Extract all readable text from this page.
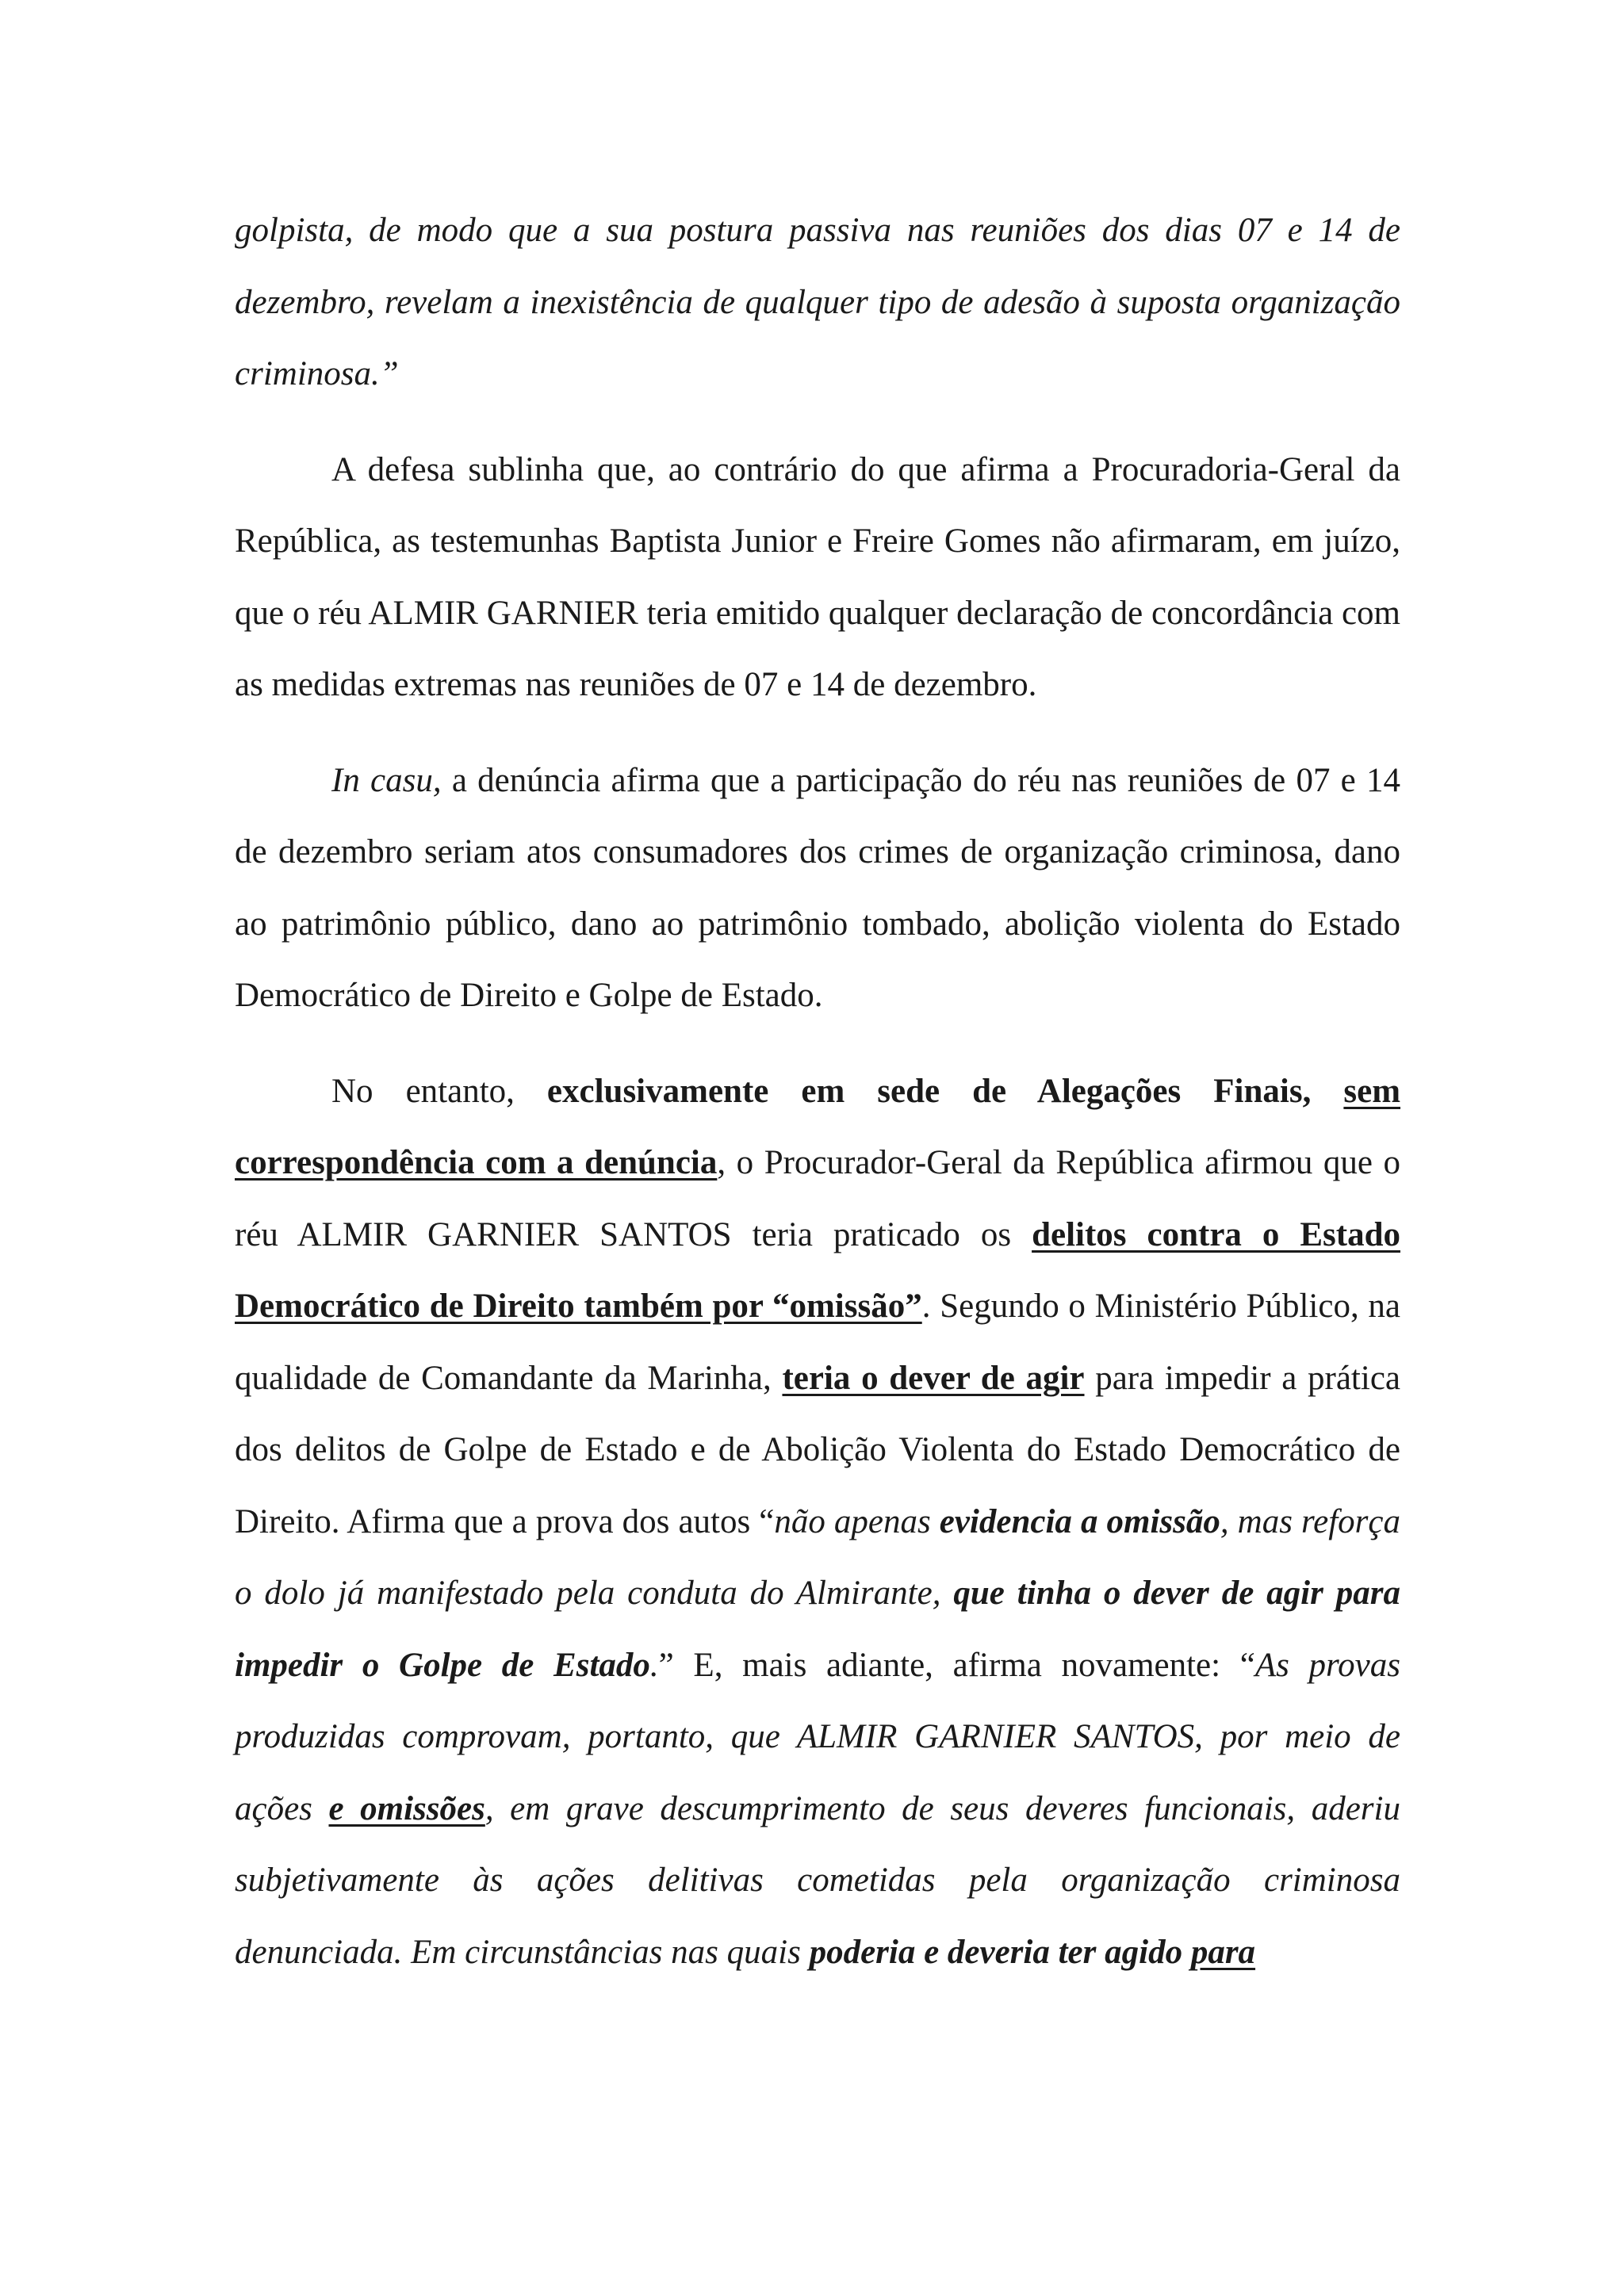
golpista, de modo que a sua postura passiva nas reuniões dos dias 07 e 14 de dezembro, revelam a inexistência de qualquer tipo de adesão à suposta organização criminosa.”

A defesa sublinha que, ao contrário do que afirma a Procuradoria-Geral da República, as testemunhas Baptista Junior e Freire Gomes não afirmaram, em juízo, que o réu ALMIR GARNIER teria emitido qualquer declaração de concordância com as medidas extremas nas reuniões de 07 e 14 de dezembro.

In casu, a denúncia afirma que a participação do réu nas reuniões de 07 e 14 de dezembro seriam atos consumadores dos crimes de organização criminosa, dano ao patrimônio público, dano ao patrimônio tombado, abolição violenta do Estado Democrático de Direito e Golpe de Estado.

No entanto, exclusivamente em sede de Alegações Finais, sem correspondência com a denúncia, o Procurador-Geral da República afirmou que o réu ALMIR GARNIER SANTOS teria praticado os delitos contra o Estado Democrático de Direito também por “omissão”. Segundo o Ministério Público, na qualidade de Comandante da Marinha, teria o dever de agir para impedir a prática dos delitos de Golpe de Estado e de Abolição Violenta do Estado Democrático de Direito. Afirma que a prova dos autos “não apenas evidencia a omissão, mas reforça o dolo já manifestado pela conduta do Almirante, que tinha o dever de agir para impedir o Golpe de Estado.” E, mais adiante, afirma novamente: “As provas produzidas comprovam, portanto, que ALMIR GARNIER SANTOS, por meio de ações e omissões, em grave descumprimento de seus deveres funcionais, aderiu subjetivamente às ações delitivas cometidas pela organização criminosa denunciada. Em circunstâncias nas quais poderia e deveria ter agido para
